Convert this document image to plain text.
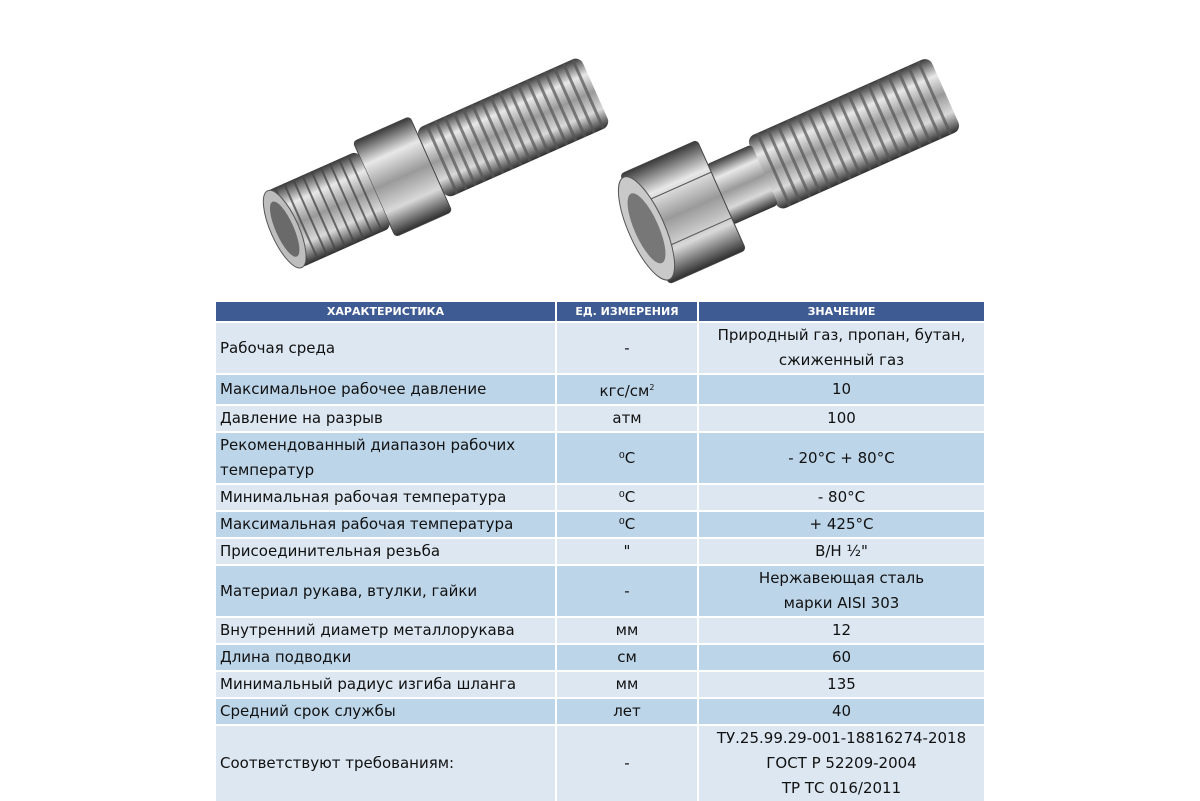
ХАРАКТЕРИСТИКА	ЕД. ИЗМЕРЕНИЯ	ЗНАЧЕНИЕ
Рабочая среда	-	Природный газ, пропан, бутан,
сжиженный газ
Максимальное рабочее давление	кгс/$см^2$	10
Давление на разрыв	атм	100
Рекомендованный диапазон рабочих
температур	⁰С	- 20°С + 80°С
Минимальная рабочая температура	⁰С	- 80°С
Максимальная рабочая температура	⁰С	+ 425°С
Присоединительная резьба	"	В/Н ½"
Материал рукава, втулки, гайки	-	Нержавеющая сталь
марки AISI 303
Внутренний диаметр металлорукава	мм	12
Длина подводки	см	60
Минимальный радиус изгиба шланга	мм	135
Средний срок службы	лет	40
Соответствуют требованиям:	-	ТУ.25.99.29-001-18816274-2018
ГОСТ Р 52209-2004
ТР ТС 016/2011
